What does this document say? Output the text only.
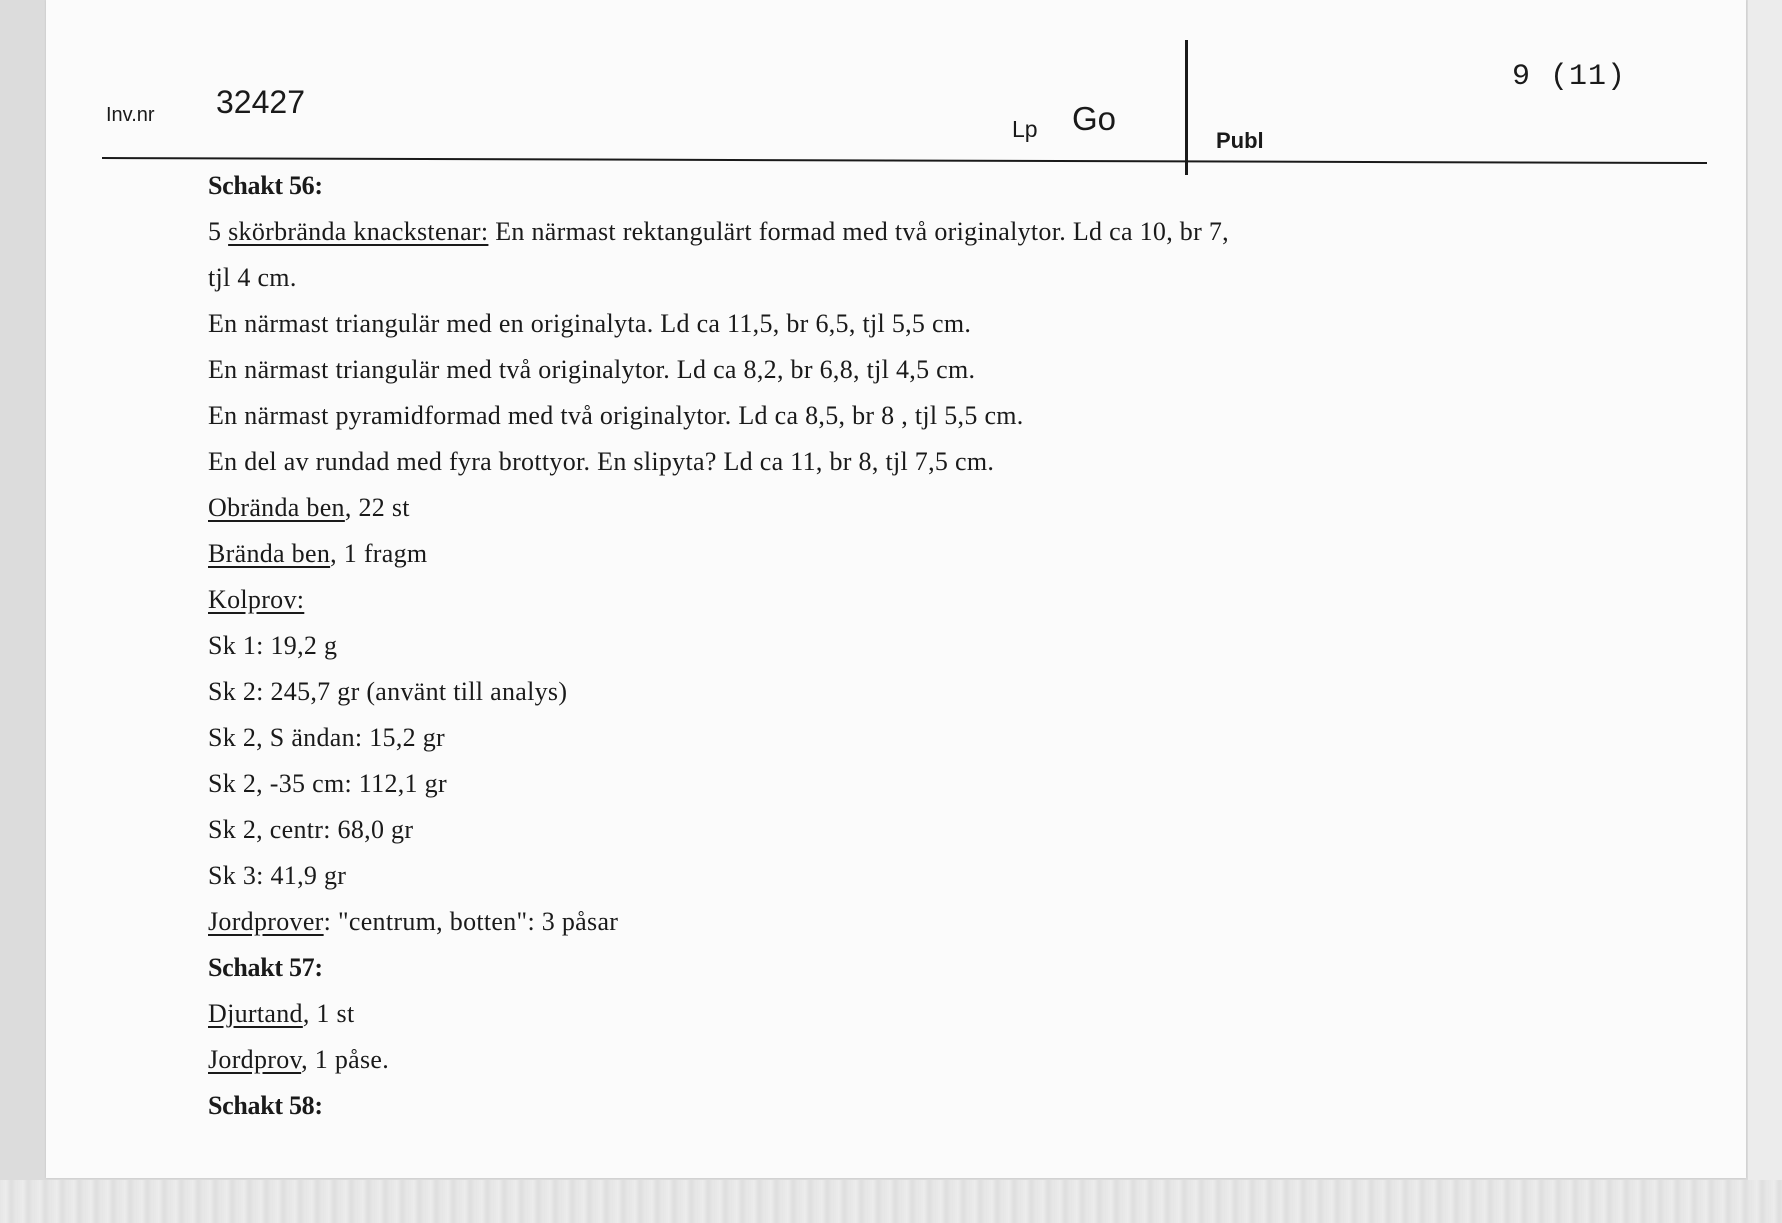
Inv.nr 32427
Lp Go
Publ
9 (11)
Schakt 56:
5 skörbrända knackstenar: En närmast rektangulärt formad med två originalytor. Ld ca 10, br 7,
tjl 4 cm.
En närmast triangulär med en originalyta. Ld ca 11,5, br 6,5, tjl 5,5 cm.
En närmast triangulär med två originalytor. Ld ca 8,2, br 6,8, tjl 4,5 cm.
En närmast pyramidformad med två originalytor. Ld ca 8,5, br 8 , tjl 5,5 cm.
En del av rundad med fyra brottyor. En slipyta? Ld ca 11, br 8, tjl 7,5 cm.
Obrända ben, 22 st
Brända ben, 1 fragm
Kolprov:
Sk 1: 19,2 g
Sk 2: 245,7 gr (använt till analys)
Sk 2, S ändan: 15,2 gr
Sk 2, -35 cm: 112,1 gr
Sk 2, centr: 68,0 gr
Sk 3: 41,9 gr
Jordprover: "centrum, botten": 3 påsar
Schakt 57:
Djurtand, 1 st
Jordprov, 1 påse.
Schakt 58:
